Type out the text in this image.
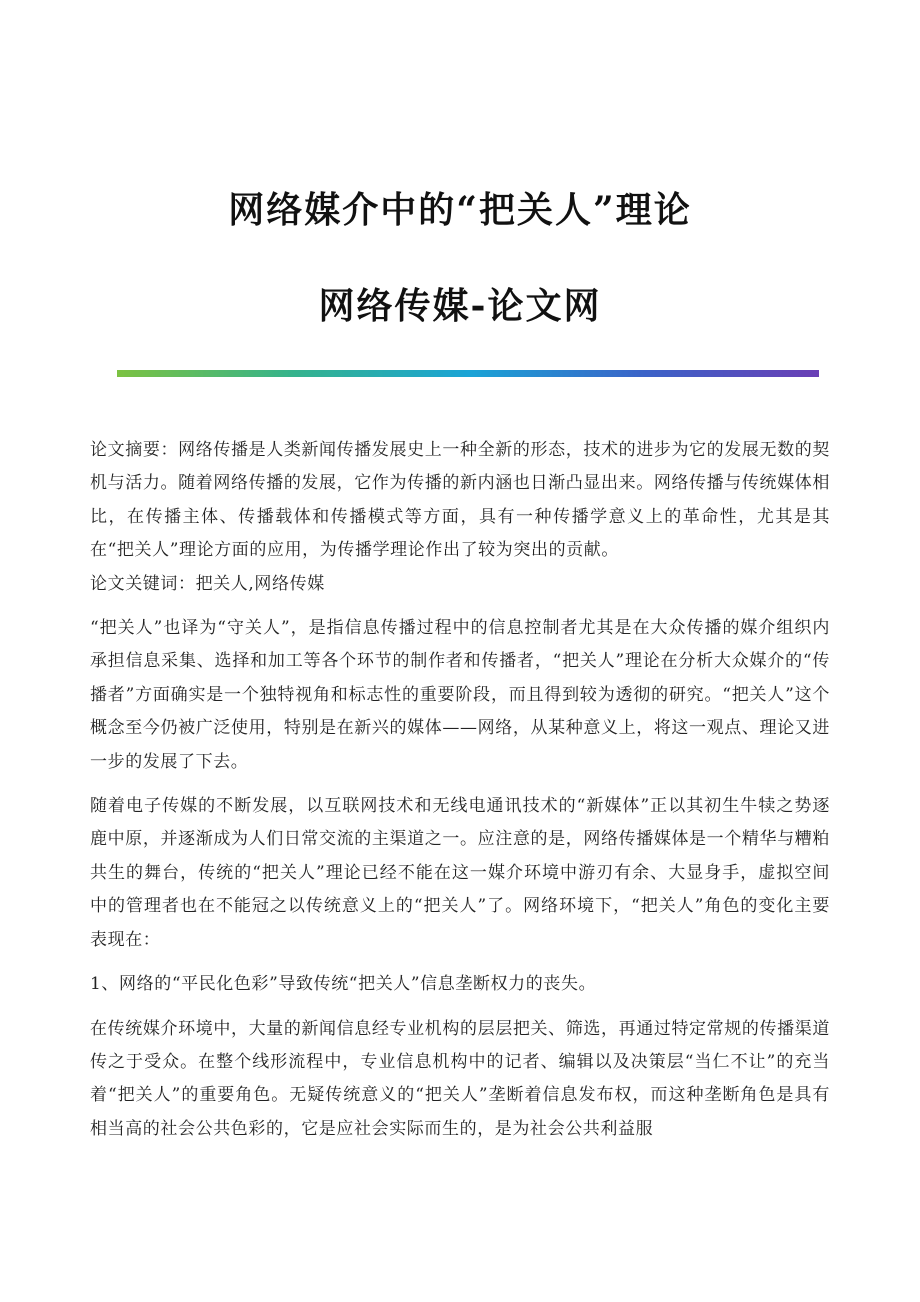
网络媒介中的“把关人”理论
网络传媒-论文网

论文摘要：网络传播是人类新闻传播发展史上一种全新的形态，技术的进步为它的发展无数的契机与活力。随着网络传播的发展，它作为传播的新内涵也日渐凸显出来。网络传播与传统媒体相比，在传播主体、传播载体和传播模式等方面，具有一种传播学意义上的革命性，尤其是其在“把关人”理论方面的应用，为传播学理论作出了较为突出的贡献。

论文关键词：把关人,网络传媒

“把关人”也译为“守关人”，是指信息传播过程中的信息控制者尤其是在大众传播的媒介组织内承担信息采集、选择和加工等各个环节的制作者和传播者，“把关人”理论在分析大众媒介的“传播者”方面确实是一个独特视角和标志性的重要阶段，而且得到较为透彻的研究。“把关人”这个概念至今仍被广泛使用，特别是在新兴的媒体——网络，从某种意义上，将这一观点、理论又进一步的发展了下去。

随着电子传媒的不断发展，以互联网技术和无线电通讯技术的“新媒体”正以其初生牛犊之势逐鹿中原，并逐渐成为人们日常交流的主渠道之一。应注意的是，网络传播媒体是一个精华与糟粕共生的舞台，传统的“把关人”理论已经不能在这一媒介环境中游刃有余、大显身手，虚拟空间中的管理者也在不能冠之以传统意义上的“把关人”了。网络环境下，“把关人”角色的变化主要表现在：

1、网络的“平民化色彩”导致传统“把关人”信息垄断权力的丧失。

在传统媒介环境中，大量的新闻信息经专业机构的层层把关、筛选，再通过特定常规的传播渠道传之于受众。在整个线形流程中，专业信息机构中的记者、编辑以及决策层“当仁不让”的充当着“把关人”的重要角色。无疑传统意义的“把关人”垄断着信息发布权，而这种垄断角色是具有相当高的社会公共色彩的，它是应社会实际而生的，是为社会公共利益服
